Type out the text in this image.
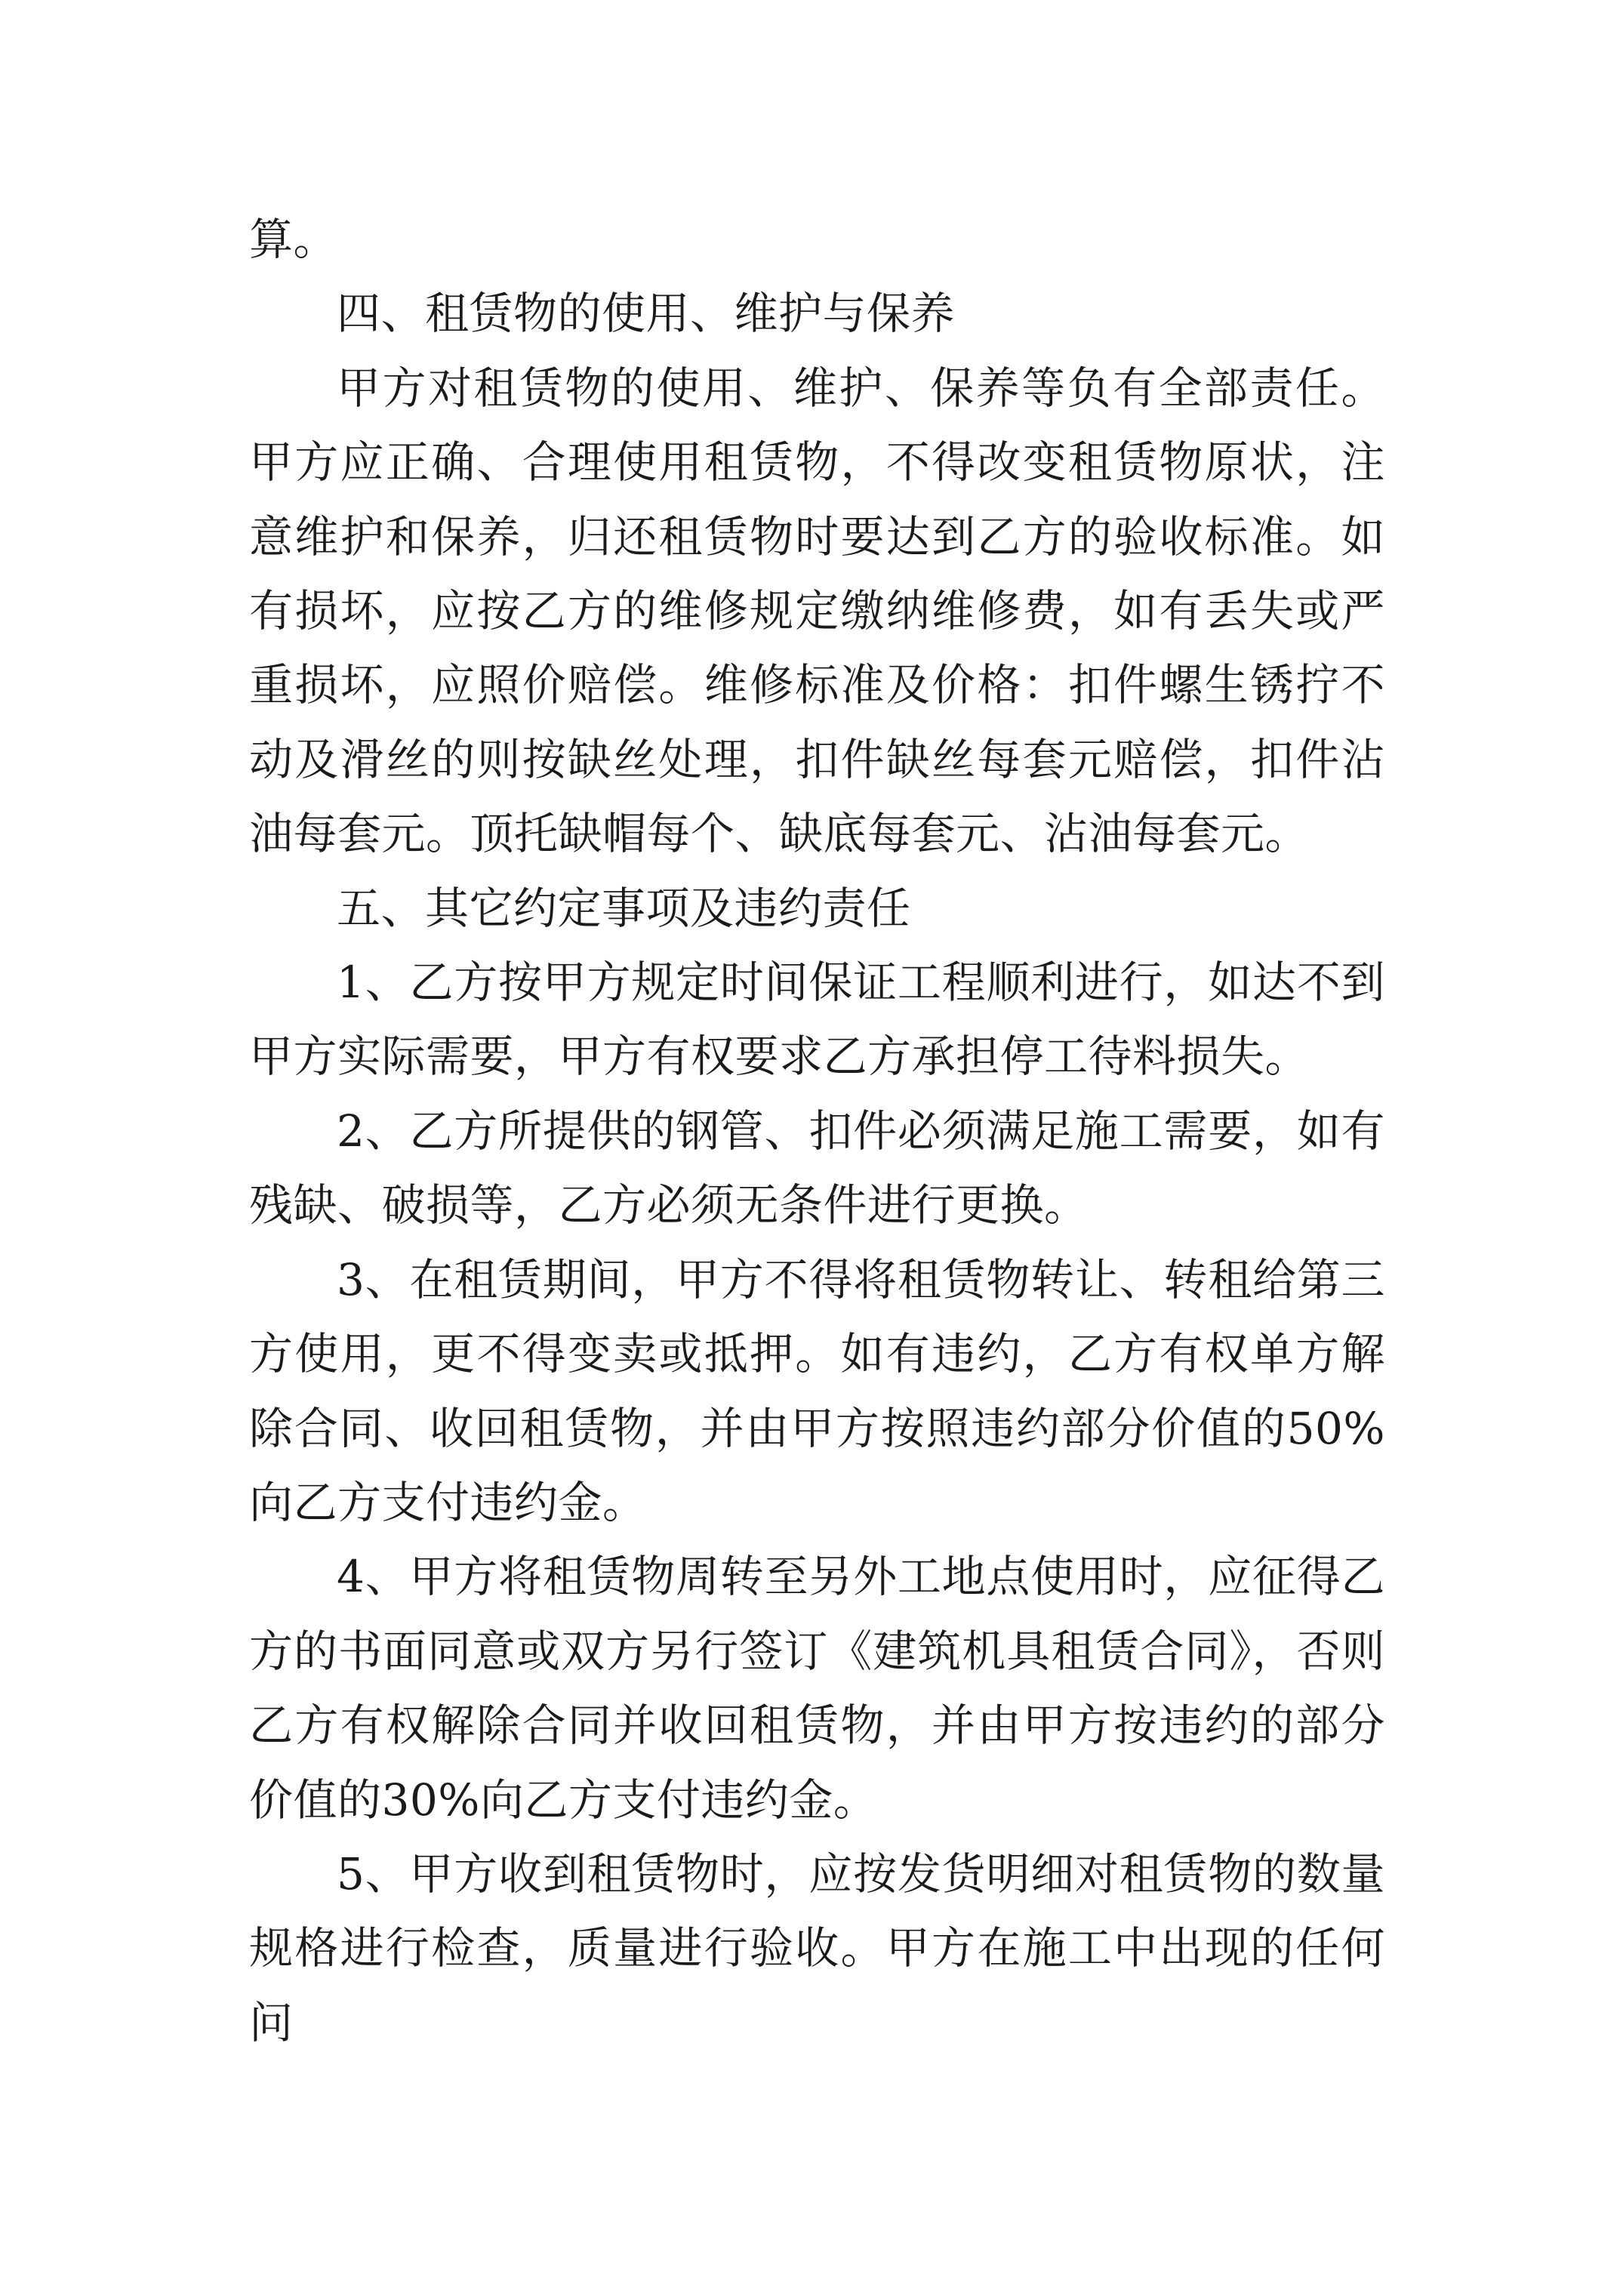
算。

四、租赁物的使用、维护与保养

甲方对租赁物的使用、维护、保养等负有全部责任。甲方应正确、合理使用租赁物，不得改变租赁物原状，注意维护和保养，归还租赁物时要达到乙方的验收标准。如有损坏，应按乙方的维修规定缴纳维修费，如有丢失或严重损坏，应照价赔偿。维修标准及价格：扣件螺生锈拧不动及滑丝的则按缺丝处理，扣件缺丝每套元赔偿，扣件沾油每套元。顶托缺帽每个、缺底每套元、沾油每套元。

五、其它约定事项及违约责任

1、乙方按甲方规定时间保证工程顺利进行，如达不到甲方实际需要，甲方有权要求乙方承担停工待料损失。

2、乙方所提供的钢管、扣件必须满足施工需要，如有残缺、破损等，乙方必须无条件进行更换。

3、在租赁期间，甲方不得将租赁物转让、转租给第三方使用，更不得变卖或抵押。如有违约，乙方有权单方解除合同、收回租赁物，并由甲方按照违约部分价值的50%向乙方支付违约金。

4、甲方将租赁物周转至另外工地点使用时，应征得乙方的书面同意或双方另行签订《建筑机具租赁合同》，否则乙方有权解除合同并收回租赁物，并由甲方按违约的部分价值的30%向乙方支付违约金。

5、甲方收到租赁物时，应按发货明细对租赁物的数量规格进行检查，质量进行验收。甲方在施工中出现的任何问
